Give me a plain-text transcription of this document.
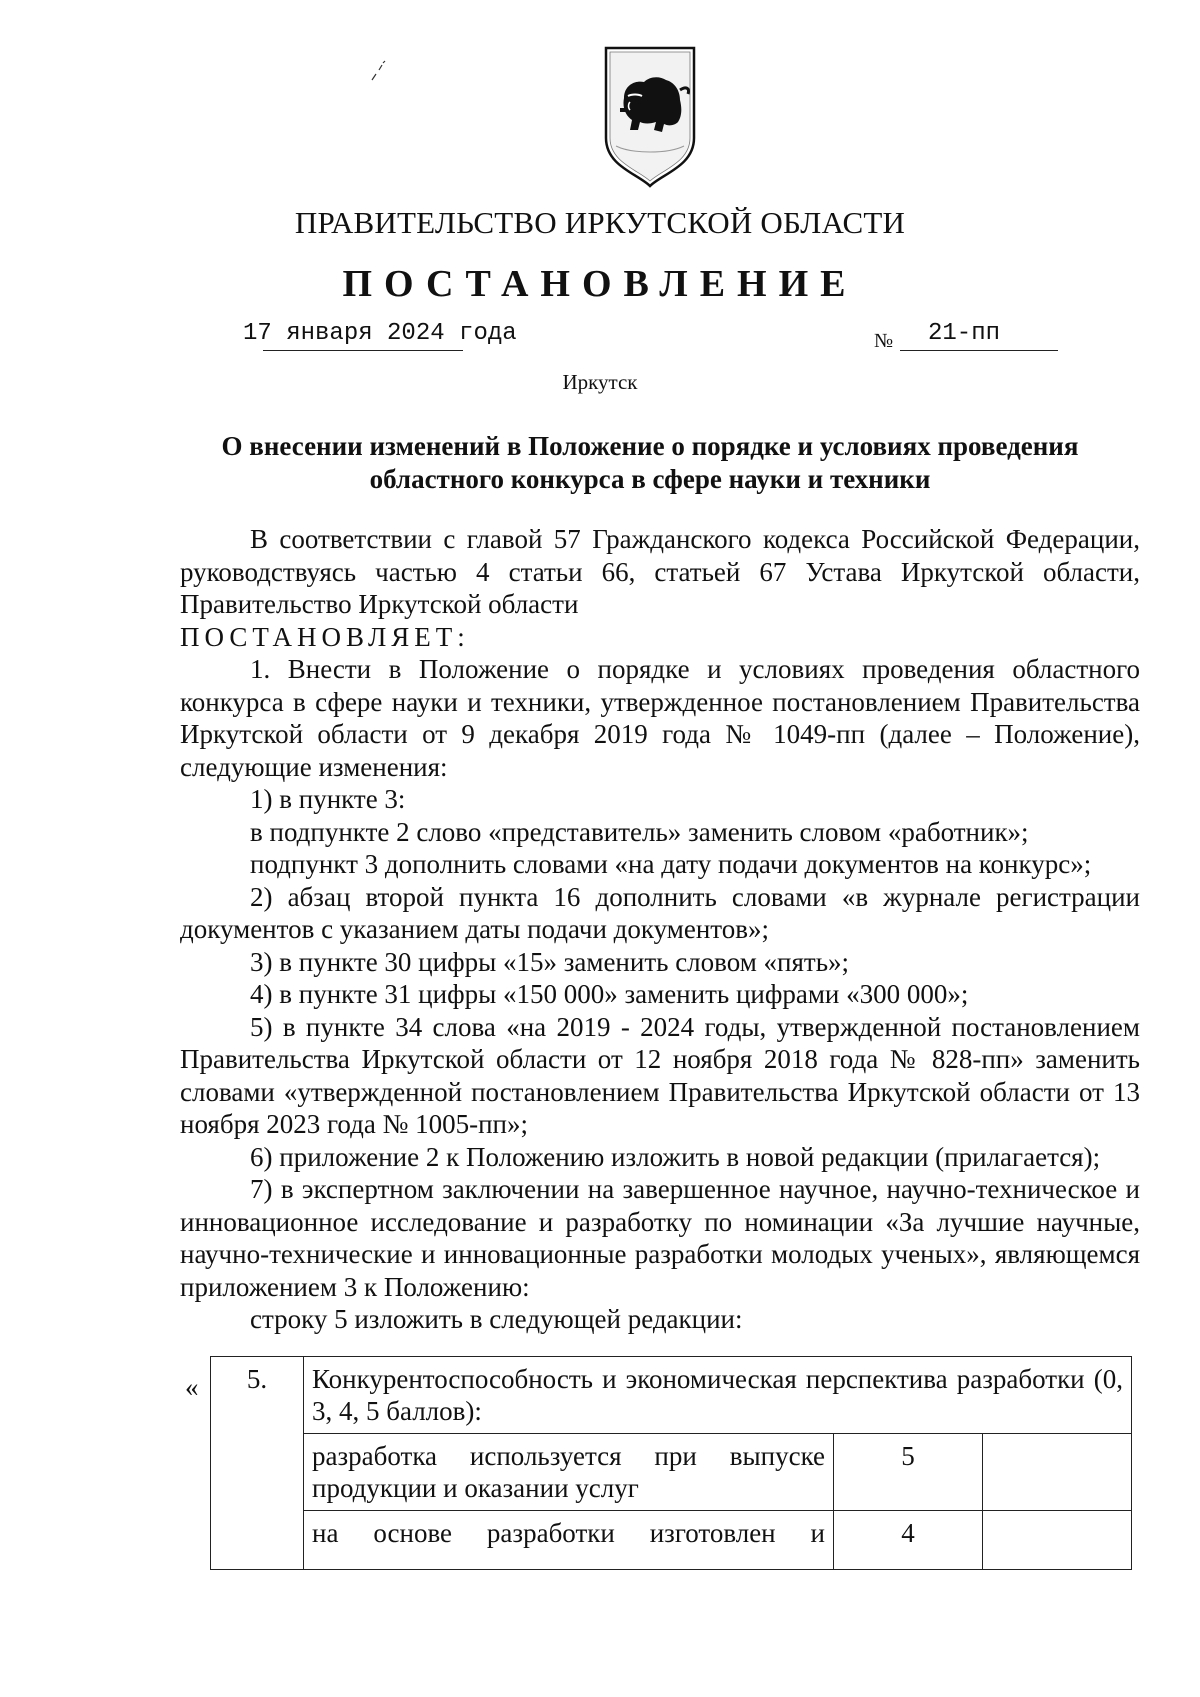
ПРАВИТЕЛЬСТВО ИРКУТСКОЙ ОБЛАСТИ
ПОСТАНОВЛЕНИЕ
17 января 2024 года	№ 21-пп
Иркутск
О внесении изменений в Положение о порядке и условиях проведения
областного конкурса в сфере науки и техники

В соответствии с главой 57 Гражданского кодекса Российской Федерации, руководствуясь частью 4 статьи 66, статьей 67 Устава Иркутской области, Правительство Иркутской области

ПОСТАНОВЛЯЕТ:

1. Внести в Положение о порядке и условиях проведения областного конкурса в сфере науки и техники, утвержденное постановлением Правительства Иркутской области от 9 декабря 2019 года № 1049-пп (далее – Положение), следующие изменения:

1) в пункте 3:

в подпункте 2 слово «представитель» заменить словом «работник»;

подпункт 3 дополнить словами «на дату подачи документов на конкурс»;

2) абзац второй пункта 16 дополнить словами «в журнале регистрации документов с указанием даты подачи документов»;

3) в пункте 30 цифры «15» заменить словом «пять»;

4) в пункте 31 цифры «150 000» заменить цифрами «300 000»;

5) в пункте 34 слова «на 2019 - 2024 годы, утвержденной постановлением Правительства Иркутской области от 12 ноября 2018 года № 828-пп» заменить словами «утвержденной постановлением Правительства Иркутской области от 13 ноября 2023 года № 1005-пп»;

6) приложение 2 к Положению изложить в новой редакции (прилагается);

7) в экспертном заключении на завершенное научное, научно-техническое и инновационное исследование и разработку по номинации «За лучшие научные, научно-технические и инновационные разработки молодых ученых», являющемся приложением 3 к Положению:

строку 5 изложить в следующей редакции:

« 5.	Конкурентоспособность и экономическая перспектива разработки (0, 3, 4, 5 баллов):		
	разработка используется при выпуске продукции и оказании услуг	5	
	на основе разработки изготовлен и	4	
